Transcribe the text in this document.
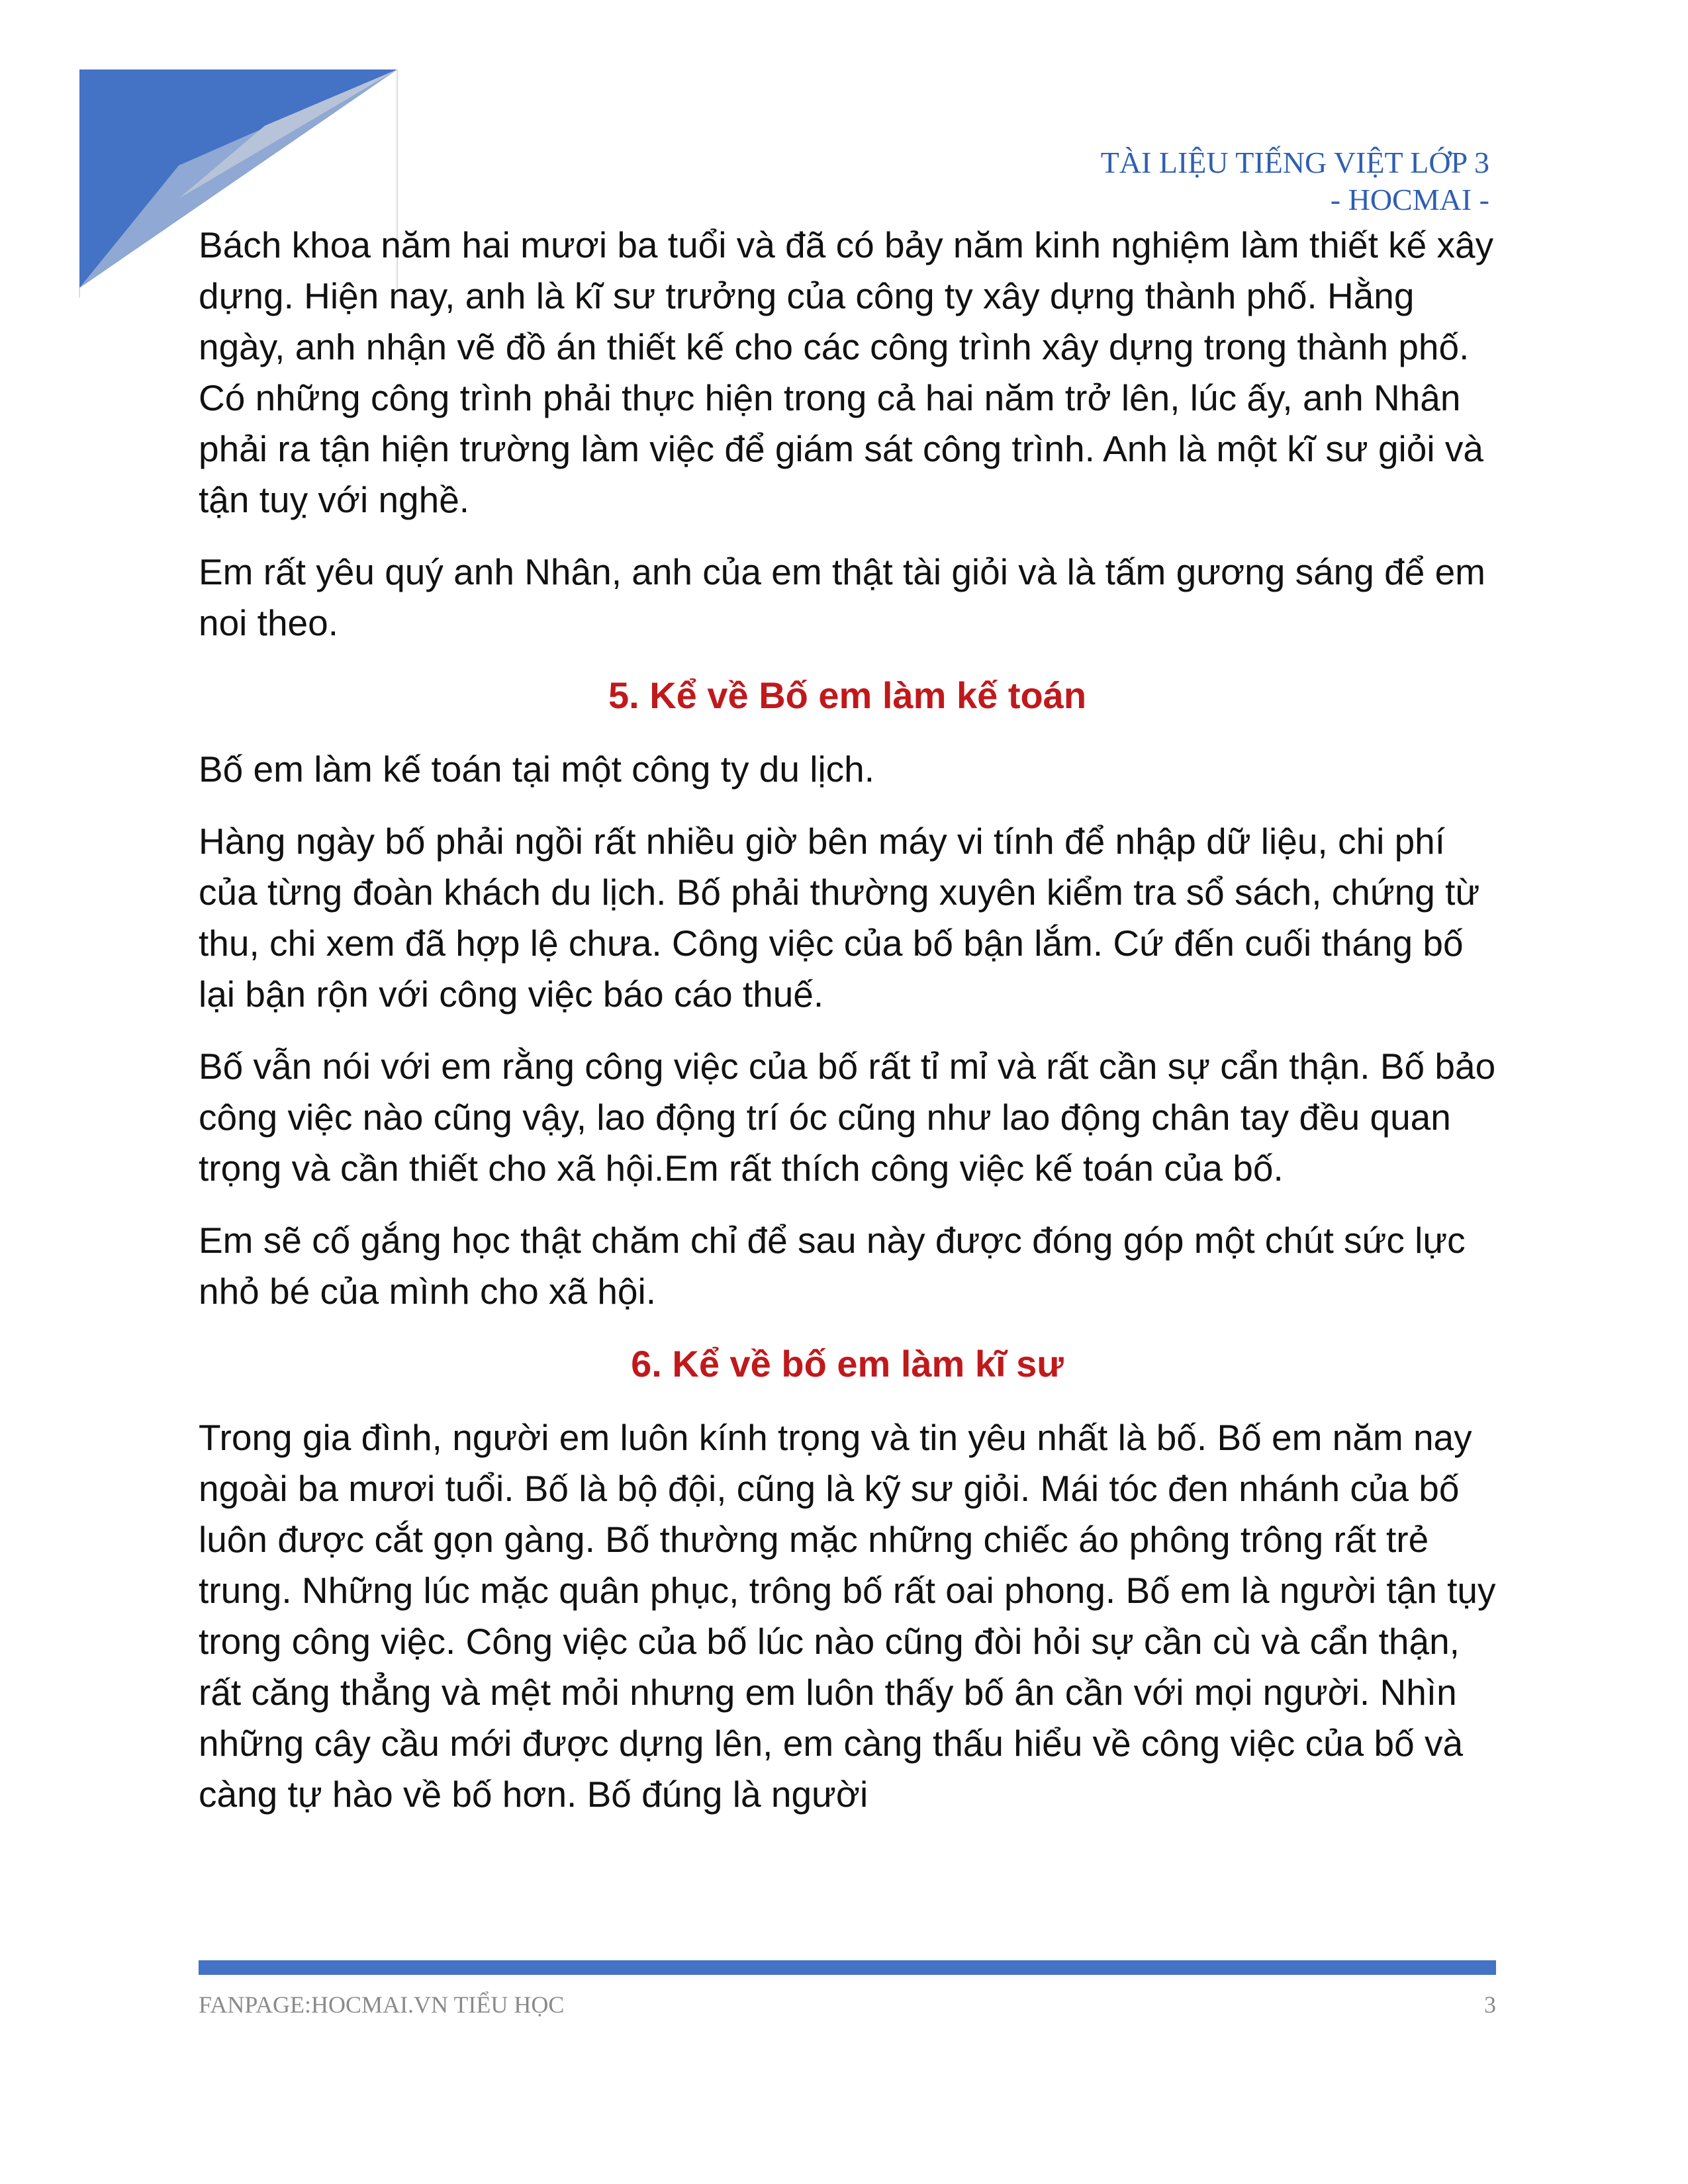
TÀI LIỆU TIẾNG VIỆT LỚP 3
- HOCMAI -

Bách khoa năm hai mươi ba tuổi và đã có bảy năm kinh nghiệm làm thiết kế xây dựng. Hiện nay, anh là kĩ sư trưởng của công ty xây dựng thành phố. Hằng ngày, anh nhận vẽ đồ án thiết kế cho các công trình xây dựng trong thành phố. Có những công trình phải thực hiện trong cả hai năm trở lên, lúc ấy, anh Nhân phải ra tận hiện trường làm việc để giám sát công trình. Anh là một kĩ sư giỏi và tận tuỵ với nghề.

Em rất yêu quý anh Nhân, anh của em thật tài giỏi và là tấm gương sáng để em noi theo.

5. Kể về Bố em làm kế toán

Bố em làm kế toán tại một công ty du lịch.

Hàng ngày bố phải ngồi rất nhiều giờ bên máy vi tính để nhập dữ liệu, chi phí của từng đoàn khách du lịch. Bố phải thường xuyên kiểm tra sổ sách, chứng từ thu, chi xem đã hợp lệ chưa. Công việc của bố bận lắm. Cứ đến cuối tháng bố lại bận rộn với công việc báo cáo thuế.

Bố vẫn nói với em rằng công việc của bố rất tỉ mỉ và rất cần sự cẩn thận. Bố bảo công việc nào cũng vậy, lao động trí óc cũng như lao động chân tay đều quan trọng và cần thiết cho xã hội.Em rất thích công việc kế toán của bố.

Em sẽ cố gắng học thật chăm chỉ để sau này được đóng góp một chút sức lực nhỏ bé của mình cho xã hội.

6. Kể về bố em làm kĩ sư

Trong gia đình, người em luôn kính trọng và tin yêu nhất là bố. Bố em năm nay ngoài ba mươi tuổi. Bố là bộ đội, cũng là kỹ sư giỏi. Mái tóc đen nhánh của bố luôn được cắt gọn gàng. Bố thường mặc những chiếc áo phông trông rất trẻ trung. Những lúc mặc quân phục, trông bố rất oai phong. Bố em là người tận tụy trong công việc. Công việc của bố lúc nào cũng đòi hỏi sự cần cù và cẩn thận, rất căng thẳng và mệt mỏi nhưng em luôn thấy bố ân cần với mọi người. Nhìn những cây cầu mới được dựng lên, em càng thấu hiểu về công việc của bố và càng tự hào về bố hơn. Bố đúng là người

FANPAGE:HOCMAI.VN TIỂU HỌC	3
